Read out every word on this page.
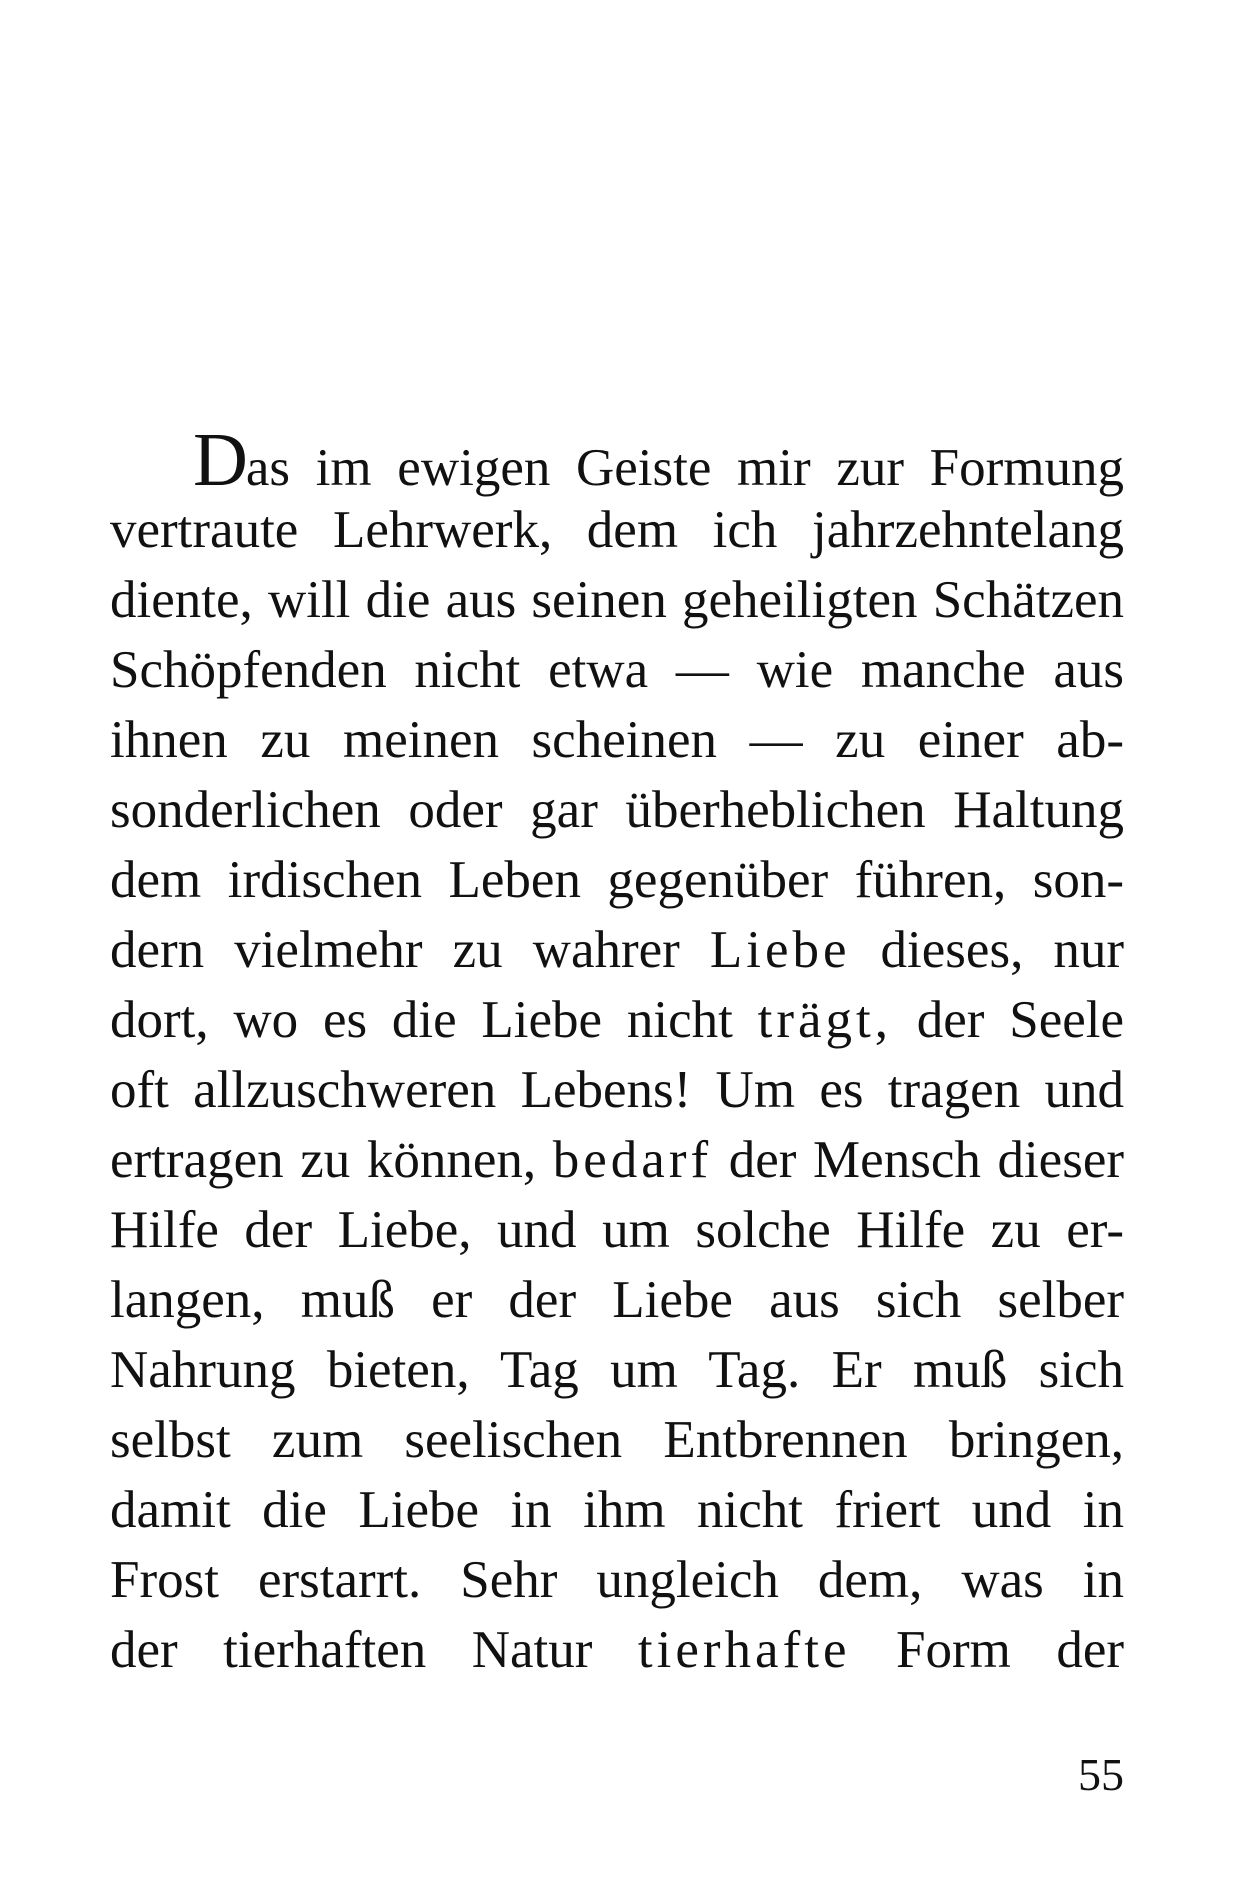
Das im ewigen Geiste mir zur Formung
vertraute Lehrwerk, dem ich jahrzehntelang
diente, will die aus seinen geheiligten Schätzen
Schöpfenden nicht etwa — wie manche aus
ihnen zu meinen scheinen — zu einer ab-
sonderlichen oder gar überheblichen Haltung
dem irdischen Leben gegenüber führen, son-
dern vielmehr zu wahrer Liebe dieses, nur
dort, wo es die Liebe nicht trägt, der Seele
oft allzuschweren Lebens! Um es tragen und
ertragen zu können, bedarf der Mensch dieser
Hilfe der Liebe, und um solche Hilfe zu er-
langen, muß er der Liebe aus sich selber
Nahrung bieten, Tag um Tag. Er muß sich
selbst zum seelischen Entbrennen bringen,
damit die Liebe in ihm nicht friert und in
Frost erstarrt. Sehr ungleich dem, was in
der tierhaften Natur tierhafte Form der
55
